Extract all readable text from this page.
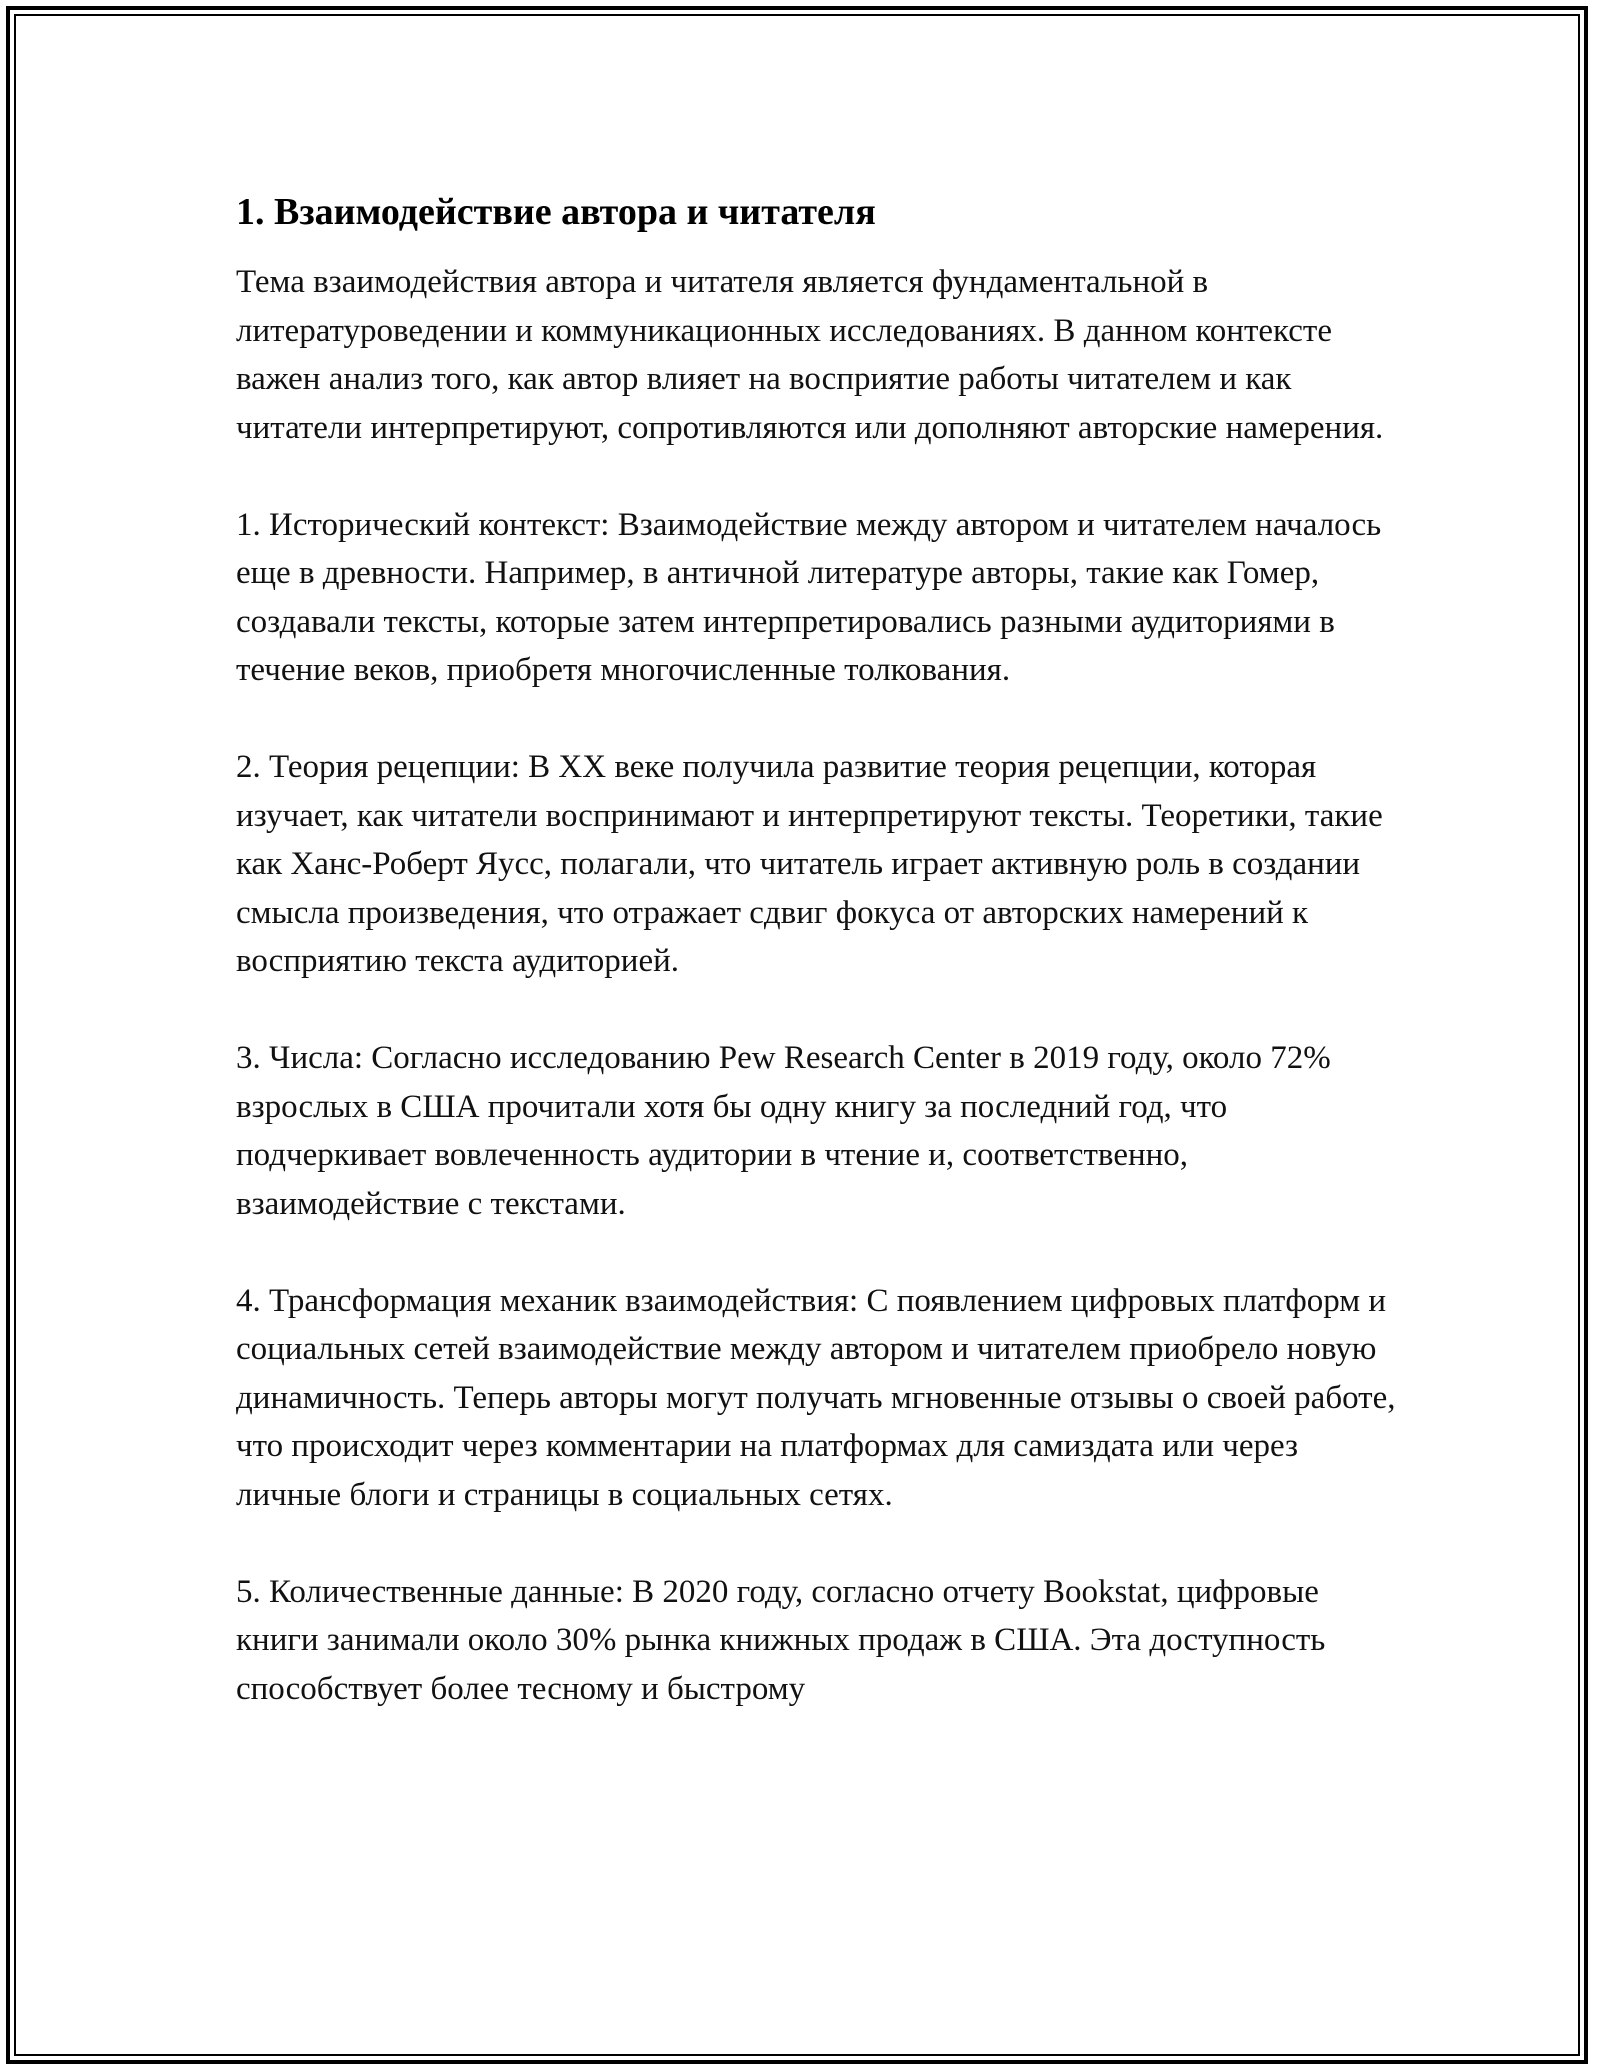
1. Взаимодействие автора и читателя

Тема взаимодействия автора и читателя является фундаментальной в литературоведении и коммуникационных исследованиях. В данном контексте важен анализ того, как автор влияет на восприятие работы читателем и как читатели интерпретируют, сопротивляются или дополняют авторские намерения.

1. Исторический контекст: Взаимодействие между автором и читателем началось еще в древности. Например, в античной литературе авторы, такие как Гомер, создавали тексты, которые затем интерпретировались разными аудиториями в течение веков, приобретя многочисленные толкования.

2. Теория рецепции: В XX веке получила развитие теория рецепции, которая изучает, как читатели воспринимают и интерпретируют тексты. Теоретики, такие как Ханс-Роберт Яусс, полагали, что читатель играет активную роль в создании смысла произведения, что отражает сдвиг фокуса от авторских намерений к восприятию текста аудиторией.

3. Числа: Согласно исследованию Pew Research Center в 2019 году, около 72% взрослых в США прочитали хотя бы одну книгу за последний год, что подчеркивает вовлеченность аудитории в чтение и, соответственно, взаимодействие с текстами.

4. Трансформация механик взаимодействия: С появлением цифровых платформ и социальных сетей взаимодействие между автором и читателем приобрело новую динамичность. Теперь авторы могут получать мгновенные отзывы о своей работе, что происходит через комментарии на платформах для самиздата или через личные блоги и страницы в социальных сетях.

5. Количественные данные: В 2020 году, согласно отчету Bookstat, цифровые книги занимали около 30% рынка книжных продаж в США. Эта доступность способствует более тесному и быстрому
